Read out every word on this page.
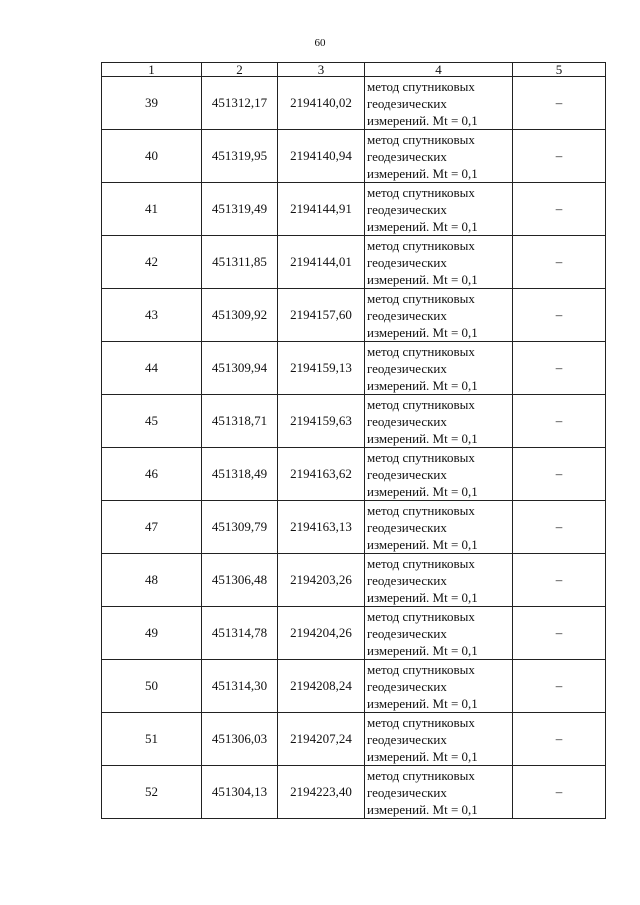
60
1	2	3	4	5
39	451312,17	2194140,02	метод спутниковых
геодезических
измерений. Mt = 0,1	–
40	451319,95	2194140,94	метод спутниковых
геодезических
измерений. Mt = 0,1	–
41	451319,49	2194144,91	метод спутниковых
геодезических
измерений. Mt = 0,1	–
42	451311,85	2194144,01	метод спутниковых
геодезических
измерений. Mt = 0,1	–
43	451309,92	2194157,60	метод спутниковых
геодезических
измерений. Mt = 0,1	–
44	451309,94	2194159,13	метод спутниковых
геодезических
измерений. Mt = 0,1	–
45	451318,71	2194159,63	метод спутниковых
геодезических
измерений. Mt = 0,1	–
46	451318,49	2194163,62	метод спутниковых
геодезических
измерений. Mt = 0,1	–
47	451309,79	2194163,13	метод спутниковых
геодезических
измерений. Mt = 0,1	–
48	451306,48	2194203,26	метод спутниковых
геодезических
измерений. Mt = 0,1	–
49	451314,78	2194204,26	метод спутниковых
геодезических
измерений. Mt = 0,1	–
50	451314,30	2194208,24	метод спутниковых
геодезических
измерений. Mt = 0,1	–
51	451306,03	2194207,24	метод спутниковых
геодезических
измерений. Mt = 0,1	–
52	451304,13	2194223,40	метод спутниковых
геодезических
измерений. Mt = 0,1	–
